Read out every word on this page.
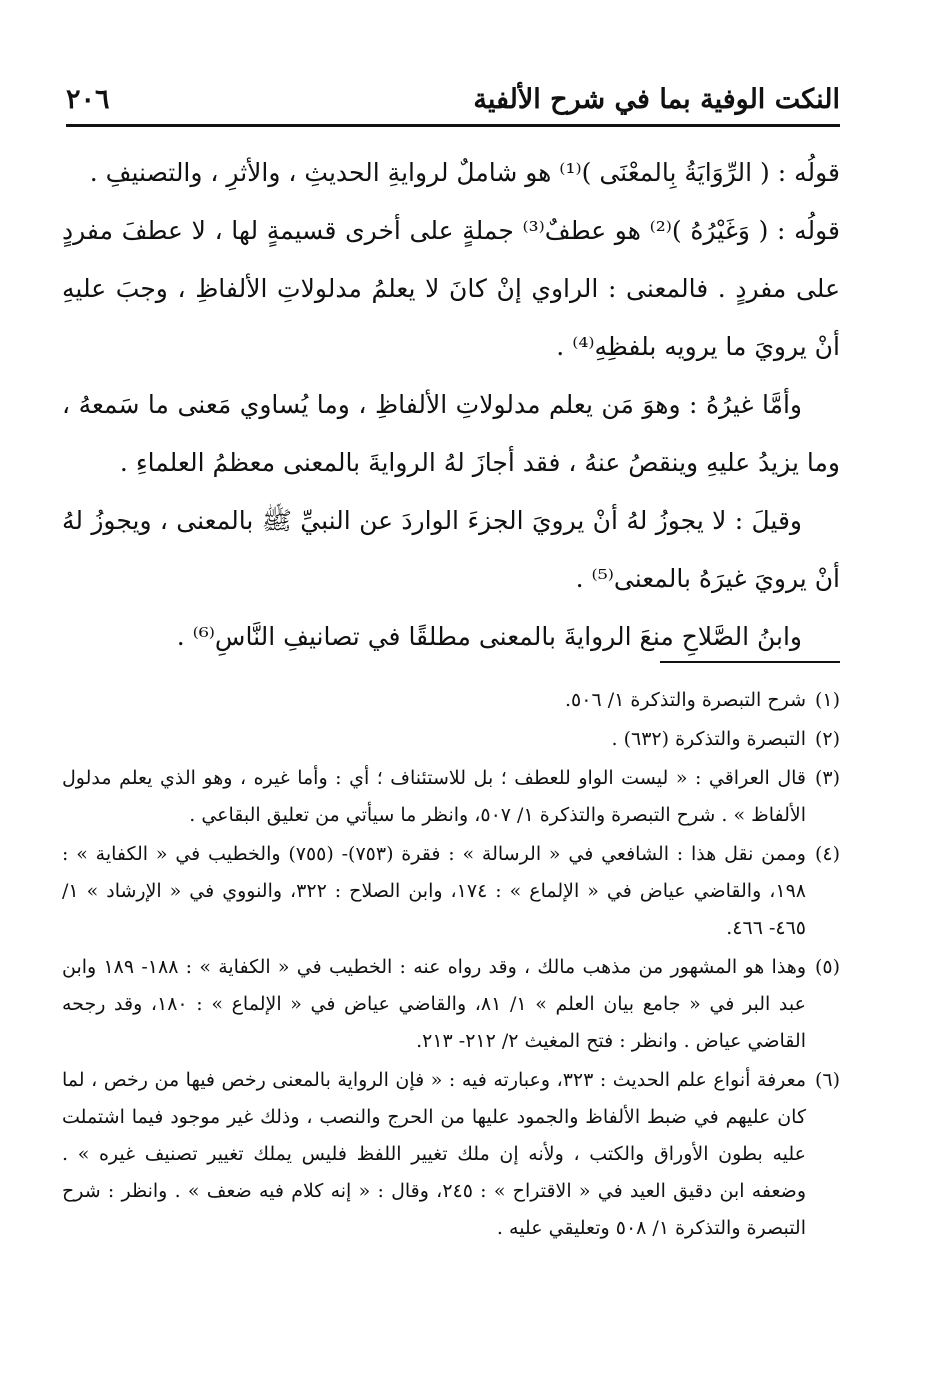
النكت الوفية بما في شرح الألفية
٢٠٦

قولُه : ( الرِّوَايَةُ بِالمعْنَى )⁽¹⁾ هو شاملٌ لروايةِ الحديثِ ، والأثرِ ، والتصنيفِ .

قولُه : ( وَغَيْرُهُ )⁽²⁾ هو عطفٌ⁽³⁾ جملةٍ على أخرى قسيمةٍ لها ، لا عطفَ مفردٍ على مفردٍ . فالمعنى : الراوي إنْ كانَ لا يعلمُ مدلولاتِ الألفاظِ ، وجبَ عليهِ أنْ يرويَ ما يرويه بلفظِهِ⁽⁴⁾ .

وأمَّا غيرُهُ : وهوَ مَن يعلم مدلولاتِ الألفاظِ ، وما يُساوي مَعنى ما سَمعهُ ، وما يزيدُ عليهِ وينقصُ عنهُ ، فقد أجازَ لهُ الروايةَ بالمعنى معظمُ العلماءِ .

وقيلَ : لا يجوزُ لهُ أنْ يرويَ الجزءَ الواردَ عن النبيِّ ﷺ بالمعنى ، ويجوزُ لهُ أنْ يرويَ غيرَهُ بالمعنى⁽⁵⁾ .

وابنُ الصَّلاحِ منعَ الروايةَ بالمعنى مطلقًا في تصانيفِ النَّاسِ⁽⁶⁾ .

(١)شرح التبصرة والتذكرة ١/ ٥٠٦.

(٢)التبصرة والتذكرة (٦٣٢) .

(٣)قال العراقي : « ليست الواو للعطف ؛ بل للاستئناف ؛ أي : وأما غيره ، وهو الذي يعلم مدلول الألفاظ » . شرح التبصرة والتذكرة ١/ ٥٠٧، وانظر ما سيأتي من تعليق البقاعي .

(٤)وممن نقل هذا : الشافعي في « الرسالة » : فقرة (٧٥٣)- (٧٥٥) والخطيب في « الكفاية » : ١٩٨، والقاضي عياض في « الإلماع » : ١٧٤، وابن الصلاح : ٣٢٢، والنووي في « الإرشاد » ١/ ٤٦٥- ٤٦٦.

(٥)وهذا هو المشهور من مذهب مالك ، وقد رواه عنه : الخطيب في « الكفاية » : ١٨٨- ١٨٩ وابن عبد البر في « جامع بيان العلم » ١/ ٨١، والقاضي عياض في « الإلماع » : ١٨٠، وقد رجحه القاضي عياض . وانظر : فتح المغيث ٢/ ٢١٢- ٢١٣.

(٦)معرفة أنواع علم الحديث : ٣٢٣، وعبارته فيه : « فإن الرواية بالمعنى رخص فيها من رخص ، لما كان عليهم في ضبط الألفاظ والجمود عليها من الحرج والنصب ، وذلك غير موجود فيما اشتملت عليه بطون الأوراق والكتب ، ولأنه إن ملك تغيير اللفظ فليس يملك تغيير تصنيف غيره » . وضعفه ابن دقيق العيد في « الاقتراح » : ٢٤٥، وقال : « إنه كلام فيه ضعف » . وانظر : شرح التبصرة والتذكرة ١/ ٥٠٨ وتعليقي عليه .
